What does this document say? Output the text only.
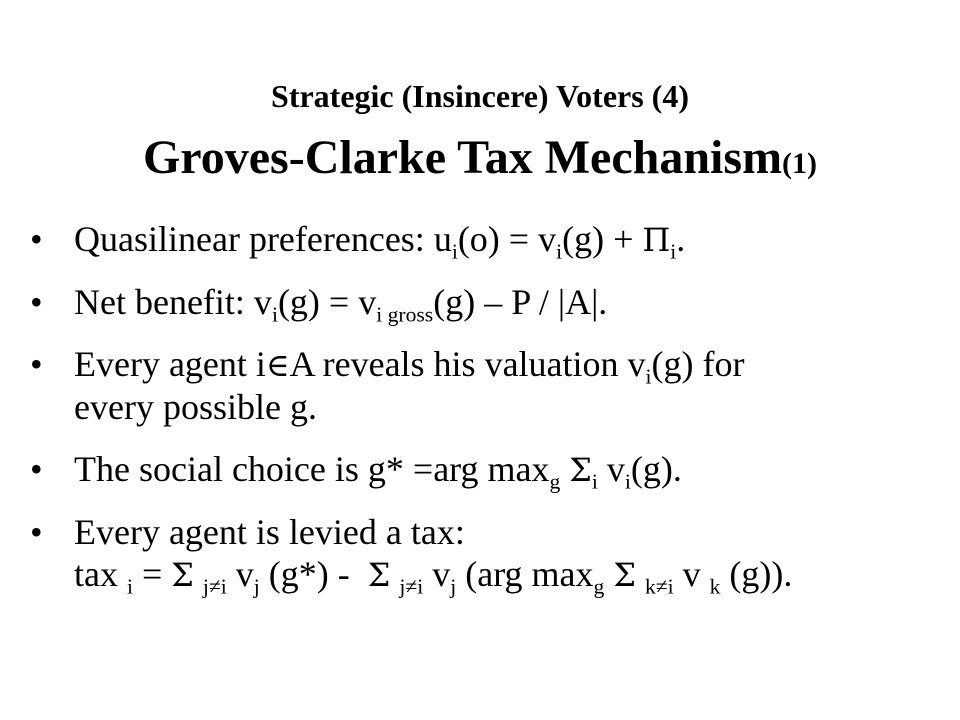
Strategic (Insincere) Voters (4)
Groves-Clarke Tax Mechanism(1)
• Quasilinear preferences: $u_i(o) = v_i(g) + \Pi_i$.
• Net benefit: $v_i(g) = v_{i gross}(g) - P / |A|$.
• Every agent i∈A reveals his valuation $v_i(g)$ for
every possible g.
• The social choice is g* =arg $\max_g \Sigma_i$ $v_i(g)$.
• Every agent is levied a tax:
tax $_i$ = Σ $_{j\ne i}$ $v_j$ (g*) - Σ $_{j\ne i}$ $v_j$ (arg $\max_g \Sigma$ $_{k\ne i}$ v $_k$ (g)).
